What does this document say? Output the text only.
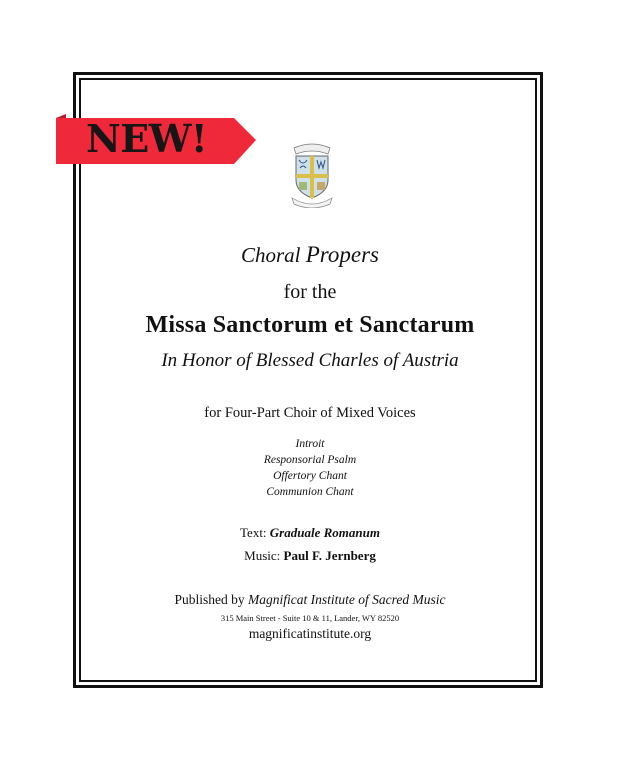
NEW!
Choral Propers
for the
Missa Sanctorum et Sanctarum
In Honor of Blessed Charles of Austria
for Four-Part Choir of Mixed Voices
Introit
Responsorial Psalm
Offertory Chant
Communion Chant
Text: Graduale Romanum
Music: Paul F. Jernberg
Published by Magnificat Institute of Sacred Music
315 Main Street - Suite 10 & 11, Lander, WY 82520
magnificatinstitute.org
